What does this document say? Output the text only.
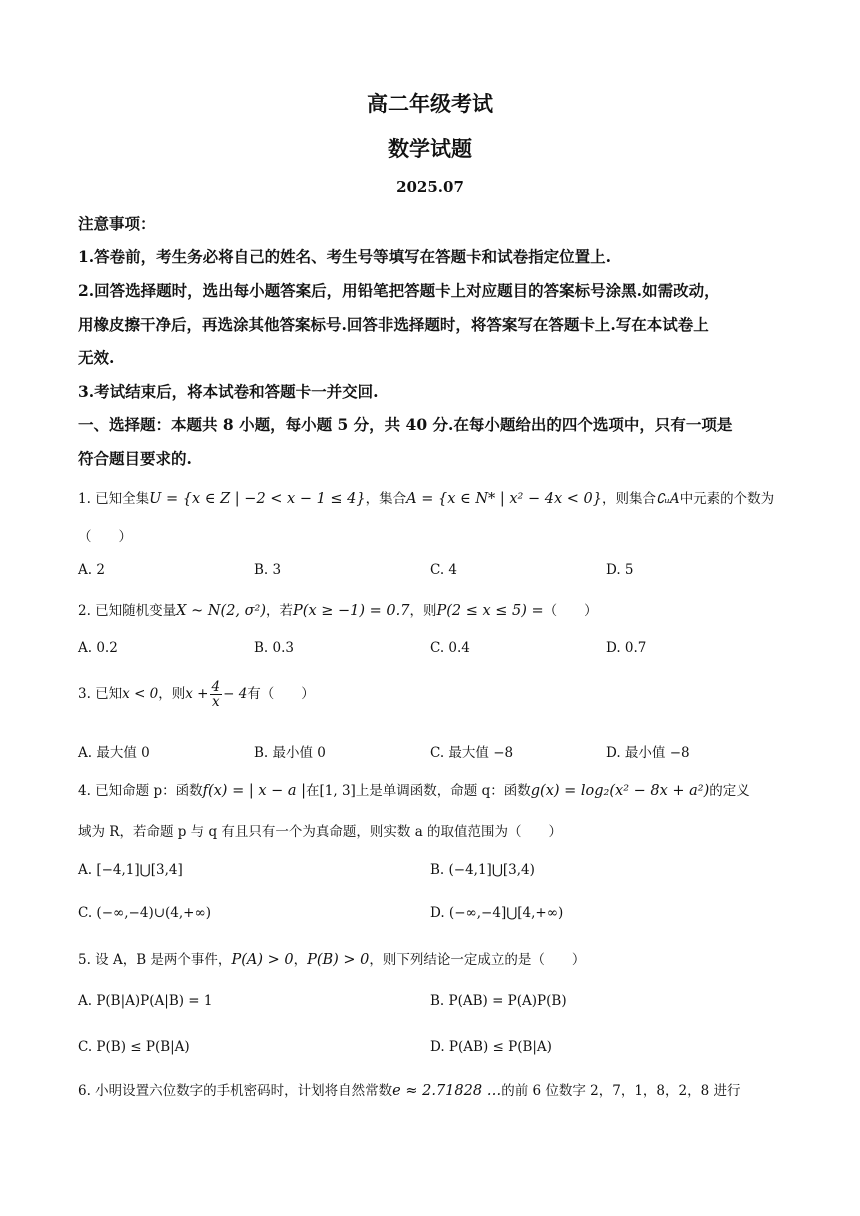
高二年级考试
数学试题
2025.07
注意事项：
1.答卷前，考生务必将自己的姓名、考生号等填写在答题卡和试卷指定位置上.
2.回答选择题时，选出每小题答案后，用铅笔把答题卡上对应题目的答案标号涂黑.如需改动，
用橡皮擦干净后，再选涂其他答案标号.回答非选择题时，将答案写在答题卡上.写在本试卷上
无效.
3.考试结束后，将本试卷和答题卡一并交回.
一、选择题：本题共 8 小题，每小题 5 分，共 40 分.在每小题给出的四个选项中，只有一项是
符合题目要求的.
1. 已知全集U = {x ∈ Z | −2 < x − 1 ≤ 4}，集合A = {x ∈ N* | x² − 4x < 0}，则集合∁ᵤA中元素的个数为
（　　）
A. 2	B. 3	C. 4	D. 5
2. 已知随机变量X ~ N(2, σ²)，若P(x ≥ −1) = 0.7，则P(2 ≤ x ≤ 5) =（　　）
A. 0.2	B. 0.3	C. 0.4	D. 0.7
3. 已知x < 0，则$x + \frac{4}{x} - 4$有（　　）
A. 最大值 0	B. 最小值 0	C. 最大值 −8	D. 最小值 −8
4. 已知命题 p：函数f(x) = | x − a |在[1, 3]上是单调函数，命题 q：函数g(x) = log₂(x² − 8x + a²)的定义
域为 R，若命题 p 与 q 有且只有一个为真命题，则实数 a 的取值范围为（　　）
A. [−4,1]⋃[3,4]	B. (−4,1]⋃[3,4)
C. (−∞,−4)∪(4,+∞)	D. (−∞,−4]⋃[4,+∞)
5. 设 A，B 是两个事件，P(A) > 0，P(B) > 0，则下列结论一定成立的是（　　）
A. P(B|A)P(A|B) = 1	B. P(AB) = P(A)P(B)
C. P(B) ≤ P(B|A)	D. P(AB) ≤ P(B|A)
6. 小明设置六位数字的手机密码时，计划将自然常数e ≈ 2.71828 …的前 6 位数字 2，7，1，8，2，8 进行
